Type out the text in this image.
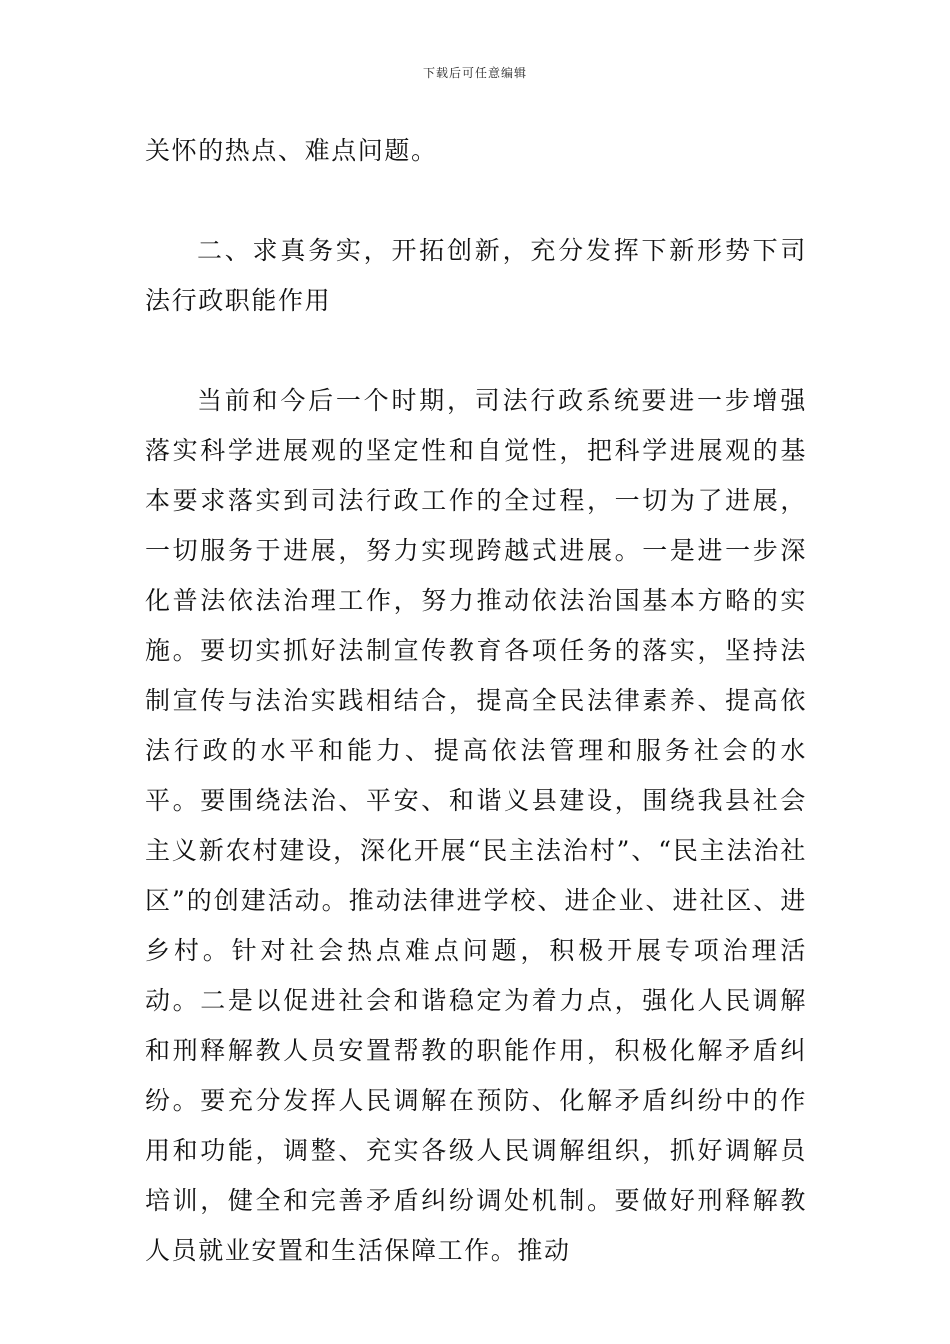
下载后可任意编辑

关怀的热点、难点问题。

二、求真务实，开拓创新，充分发挥下新形势下司法行政职能作用

当前和今后一个时期，司法行政系统要进一步增强落实科学进展观的坚定性和自觉性，把科学进展观的基本要求落实到司法行政工作的全过程，一切为了进展，一切服务于进展，努力实现跨越式进展。一是进一步深化普法依法治理工作，努力推动依法治国基本方略的实施。要切实抓好法制宣传教育各项任务的落实，坚持法制宣传与法治实践相结合，提高全民法律素养、提高依法行政的水平和能力、提高依法管理和服务社会的水平。要围绕法治、平安、和谐义县建设，围绕我县社会主义新农村建设，深化开展“民主法治村”、“民主法治社区”的创建活动。推动法律进学校、进企业、进社区、进乡村。针对社会热点难点问题，积极开展专项治理活动。二是以促进社会和谐稳定为着力点，强化人民调解和刑释解教人员安置帮教的职能作用，积极化解矛盾纠纷。要充分发挥人民调解在预防、化解矛盾纠纷中的作用和功能，调整、充实各级人民调解组织，抓好调解员培训，健全和完善矛盾纠纷调处机制。要做好刑释解教人员就业安置和生活保障工作。推动
